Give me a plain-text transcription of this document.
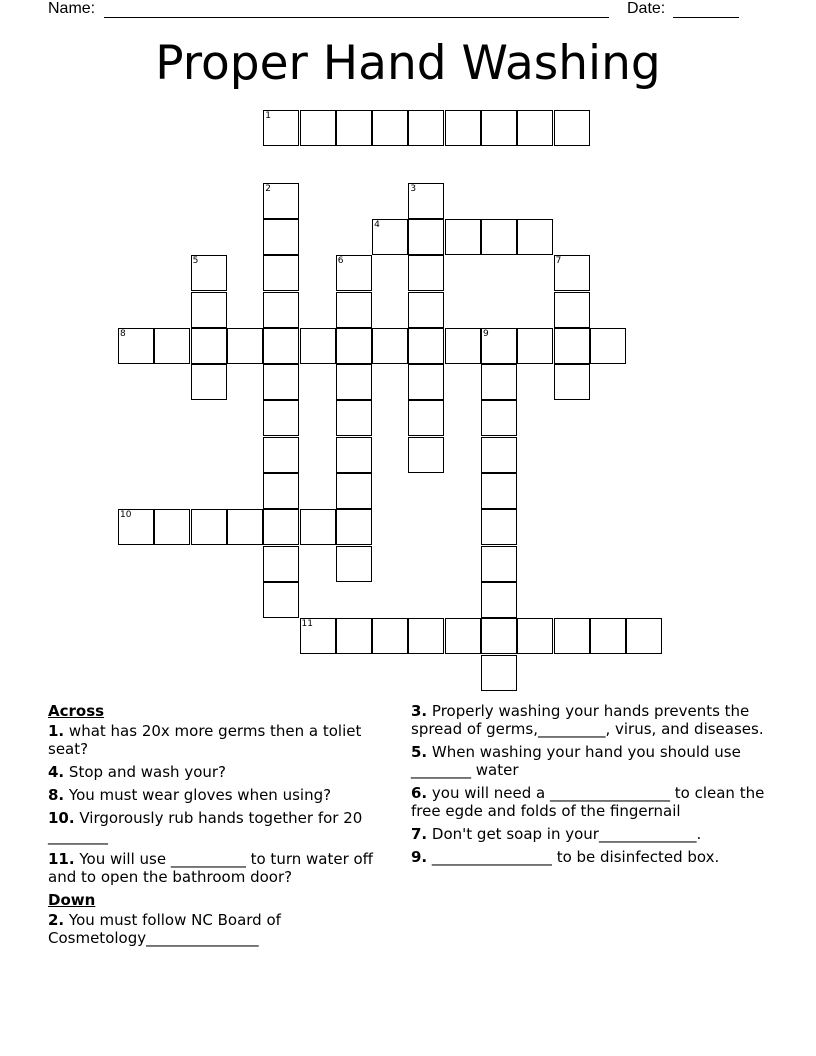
Name:	Date:
Proper Hand Washing
1
4
8	9
10
11
2	3
5	6	7
Across
1. what has 20x more germs then a toliet seat?
4. Stop and wash your?
8. You must wear gloves when using?
10. Virgorously rub hands together for 20 ________
11. You will use __________ to turn water off and to open the bathroom door?
Down
2. You must follow NC Board of Cosmetology_______________
3. Properly washing your hands prevents the spread of germs,_________, virus, and diseases.
5. When washing your hand you should use ________ water
6. you will need a ________________ to clean the free egde and folds of the fingernail
7. Don't get soap in your_____________.
9. ________________ to be disinfected box.
